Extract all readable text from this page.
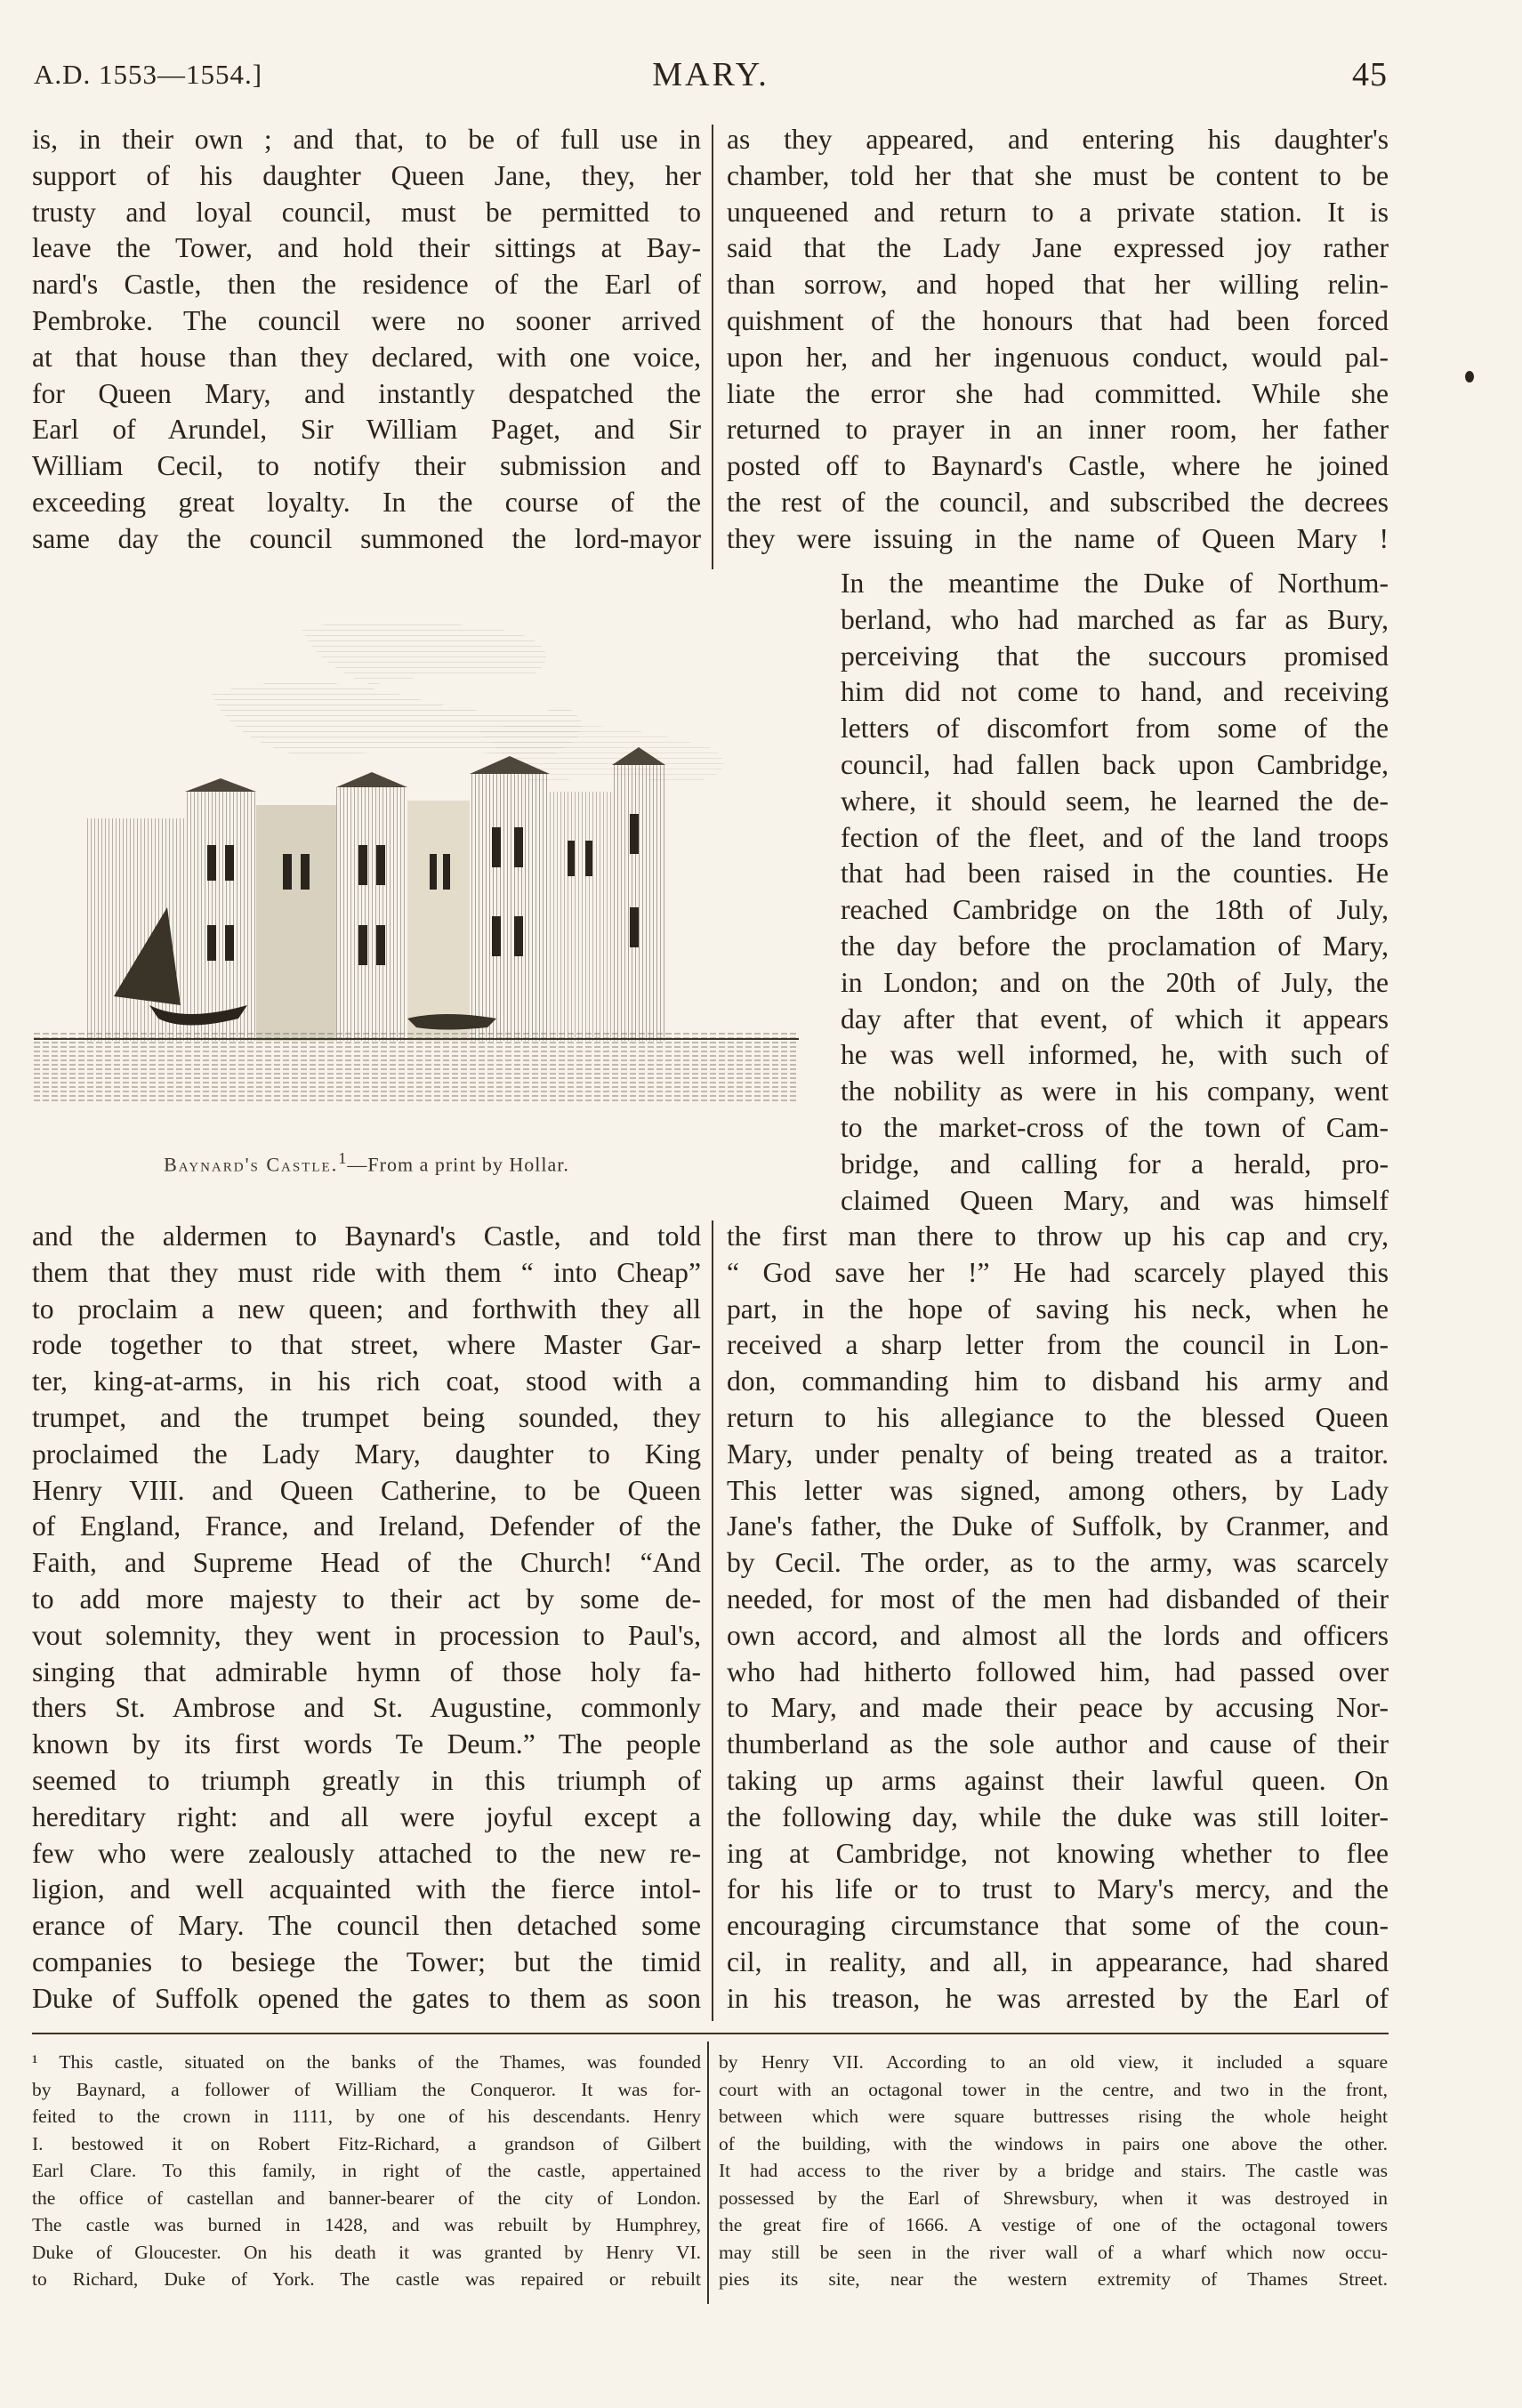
A.D. 1553—1554.]	MARY.	45

is, in their own ; and that, to be of full use in

support of his daughter Queen Jane, they, her

trusty and loyal council, must be permitted to

leave the Tower, and hold their sittings at Bay-

nard's Castle, then the residence of the Earl of

Pembroke. The council were no sooner arrived

at that house than they declared, with one voice,

for Queen Mary, and instantly despatched the

Earl of Arundel, Sir William Paget, and Sir

William Cecil, to notify their submission and

exceeding great loyalty. In the course of the

same day the council summoned the lord-mayor

as they appeared, and entering his daughter's

chamber, told her that she must be content to be

unqueened and return to a private station. It is

said that the Lady Jane expressed joy rather

than sorrow, and hoped that her willing relin-

quishment of the honours that had been forced

upon her, and her ingenuous conduct, would pal-

liate the error she had committed. While she

returned to prayer in an inner room, her father

posted off to Baynard's Castle, where he joined

the rest of the council, and subscribed the decrees

they were issuing in the name of Queen Mary !

In the meantime the Duke of Northum-

berland, who had marched as far as Bury,

perceiving that the succours promised

him did not come to hand, and receiving

letters of discomfort from some of the

council, had fallen back upon Cambridge,

where, it should seem, he learned the de-

fection of the fleet, and of the land troops

that had been raised in the counties. He

reached Cambridge on the 18th of July,

the day before the proclamation of Mary,

in London; and on the 20th of July, the

day after that event, of which it appears

he was well informed, he, with such of

the nobility as were in his company, went

to the market-cross of the town of Cam-

bridge, and calling for a herald, pro-

claimed Queen Mary, and was himself

Baynard's Castle.$^1$—From a print by Hollar.

and the aldermen to Baynard's Castle, and told

them that they must ride with them “ into Cheap”

to proclaim a new queen; and forthwith they all

rode together to that street, where Master Gar-

ter, king-at-arms, in his rich coat, stood with a

trumpet, and the trumpet being sounded, they

proclaimed the Lady Mary, daughter to King

Henry VIII. and Queen Catherine, to be Queen

of England, France, and Ireland, Defender of the

Faith, and Supreme Head of the Church! “And

to add more majesty to their act by some de-

vout solemnity, they went in procession to Paul's,

singing that admirable hymn of those holy fa-

thers St. Ambrose and St. Augustine, commonly

known by its first words Te Deum.” The people

seemed to triumph greatly in this triumph of

hereditary right: and all were joyful except a

few who were zealously attached to the new re-

ligion, and well acquainted with the fierce intol-

erance of Mary. The council then detached some

companies to besiege the Tower; but the timid

Duke of Suffolk opened the gates to them as soon

the first man there to throw up his cap and cry,

“ God save her !” He had scarcely played this

part, in the hope of saving his neck, when he

received a sharp letter from the council in Lon-

don, commanding him to disband his army and

return to his allegiance to the blessed Queen

Mary, under penalty of being treated as a traitor.

This letter was signed, among others, by Lady

Jane's father, the Duke of Suffolk, by Cranmer, and

by Cecil. The order, as to the army, was scarcely

needed, for most of the men had disbanded of their

own accord, and almost all the lords and officers

who had hitherto followed him, had passed over

to Mary, and made their peace by accusing Nor-

thumberland as the sole author and cause of their

taking up arms against their lawful queen. On

the following day, while the duke was still loiter-

ing at Cambridge, not knowing whether to flee

for his life or to trust to Mary's mercy, and the

encouraging circumstance that some of the coun-

cil, in reality, and all, in appearance, had shared

in his treason, he was arrested by the Earl of

¹ This castle, situated on the banks of the Thames, was founded

by Baynard, a follower of William the Conqueror. It was for-

feited to the crown in 1111, by one of his descendants. Henry

I. bestowed it on Robert Fitz-Richard, a grandson of Gilbert

Earl Clare. To this family, in right of the castle, appertained

the office of castellan and banner-bearer of the city of London.

The castle was burned in 1428, and was rebuilt by Humphrey,

Duke of Gloucester. On his death it was granted by Henry VI.

to Richard, Duke of York. The castle was repaired or rebuilt

by Henry VII. According to an old view, it included a square

court with an octagonal tower in the centre, and two in the front,

between which were square buttresses rising the whole height

of the building, with the windows in pairs one above the other.

It had access to the river by a bridge and stairs. The castle was

possessed by the Earl of Shrewsbury, when it was destroyed in

the great fire of 1666. A vestige of one of the octagonal towers

may still be seen in the river wall of a wharf which now occu-

pies its site, near the western extremity of Thames Street.
